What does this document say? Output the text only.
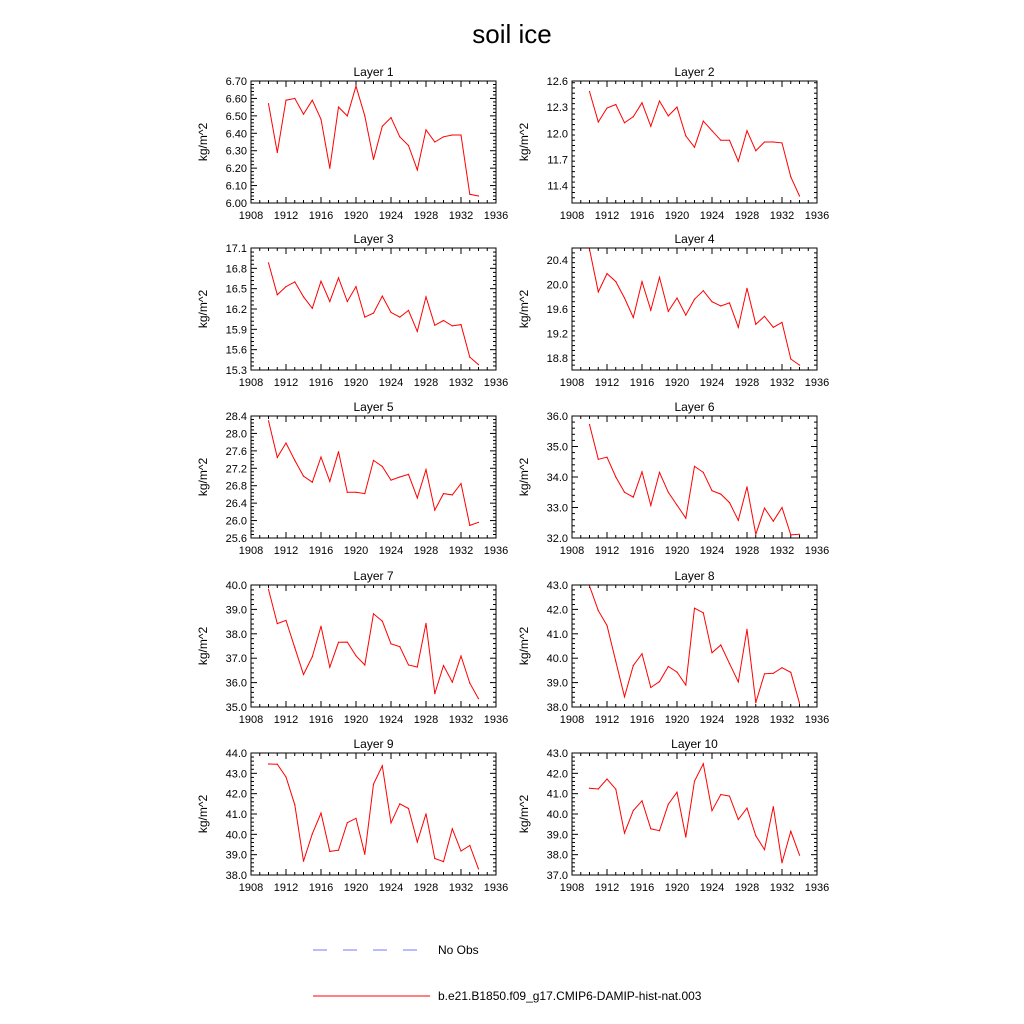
soil ice
Layer 1
kg/m^2
1908 1912 1916 1920 1924 1928 1932 1936
6.00
6.10
6.20
6.30
6.40
6.50
6.60
6.70
Layer 2
kg/m^2
1908 1912 1916 1920 1924 1928 1932 1936
11.4
11.7
12.0
12.3
12.6
Layer 3
kg/m^2
1908 1912 1916 1920 1924 1928 1932 1936
15.3
15.6
15.9
16.2
16.5
16.8
17.1
Layer 4
kg/m^2
1908 1912 1916 1920 1924 1928 1932 1936
18.8
19.2
19.6
20.0
20.4
Layer 5
kg/m^2
1908 1912 1916 1920 1924 1928 1932 1936
25.6
26.0
26.4
26.8
27.2
27.6
28.0
28.4
Layer 6
kg/m^2
1908 1912 1916 1920 1924 1928 1932 1936
32.0
33.0
34.0
35.0
36.0
Layer 7
kg/m^2
1908 1912 1916 1920 1924 1928 1932 1936
35.0
36.0
37.0
38.0
39.0
40.0
Layer 8
kg/m^2
1908 1912 1916 1920 1924 1928 1932 1936
38.0
39.0
40.0
41.0
42.0
43.0
Layer 9
kg/m^2
1908 1912 1916 1920 1924 1928 1932 1936
38.0
39.0
40.0
41.0
42.0
43.0
44.0
Layer 10
kg/m^2
1908 1912 1916 1920 1924 1928 1932 1936
37.0
38.0
39.0
40.0
41.0
42.0
43.0
No Obs
b.e21.B1850.f09_g17.CMIP6-DAMIP-hist-nat.003
